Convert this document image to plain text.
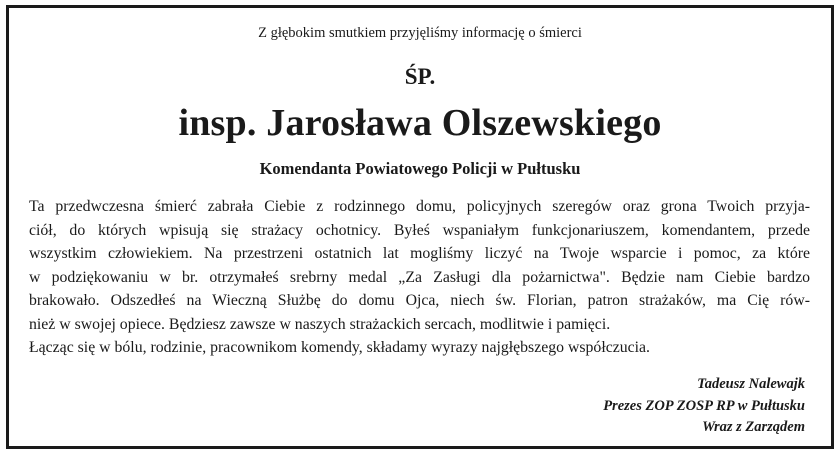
Z głębokim smutkiem przyjęliśmy informację o śmierci
ŚP.
insp. Jarosława Olszewskiego
Komendanta Powiatowego Policji w Pułtusku
Ta przedwczesna śmierć zabrała Ciebie z rodzinnego domu, policyjnych szeregów oraz grona Twoich przyja-
ciół, do których wpisują się strażacy ochotnicy. Byłeś wspaniałym funkcjonariuszem, komendantem, przede
wszystkim człowiekiem. Na przestrzeni ostatnich lat mogliśmy liczyć na Twoje wsparcie i pomoc, za które
w podziękowaniu w br. otrzymałeś srebrny medal „Za Zasługi dla pożarnictwa". Będzie nam Ciebie bardzo
brakowało. Odszedłeś na Wieczną Służbę do domu Ojca, niech św. Florian, patron strażaków, ma Cię rów-
nież w swojej opiece. Będziesz zawsze w naszych strażackich sercach, modlitwie i pamięci.
Łącząc się w bólu, rodzinie, pracownikom komendy, składamy wyrazy najgłębszego współczucia.
Tadeusz Nalewajk
Prezes ZOP ZOSP RP w Pułtusku
Wraz z Zarządem
